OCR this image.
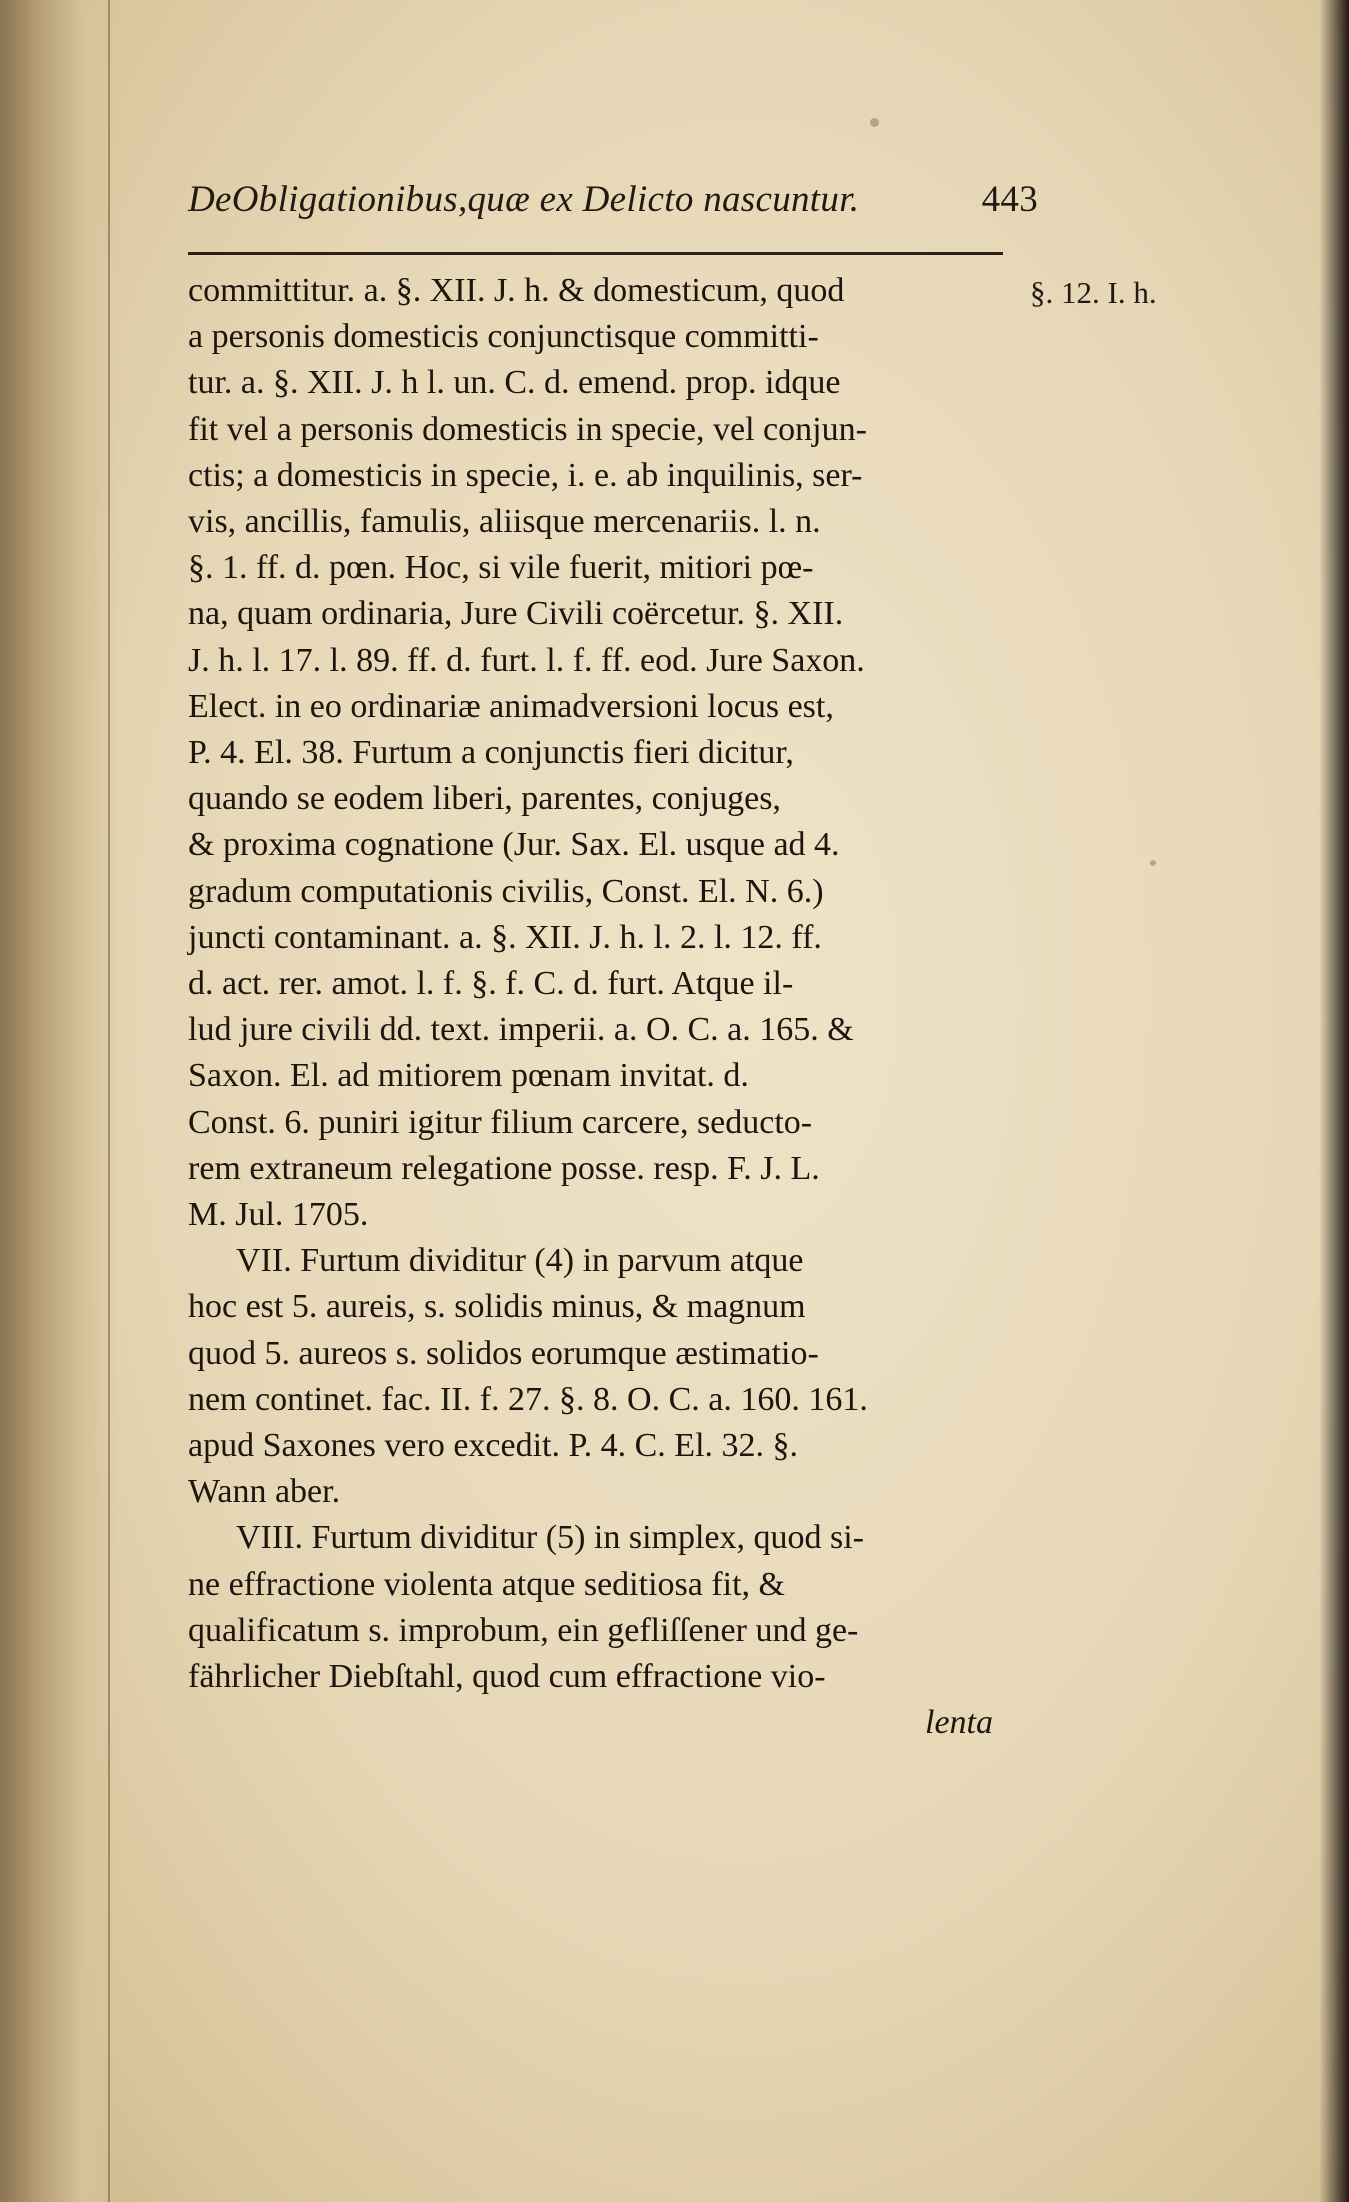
DeObligationibus,quæ ex Delicto nascuntur.	443
§. 12. I. h.
committitur. a. §. XII. J. h. & domesticum, quod
a personis domesticis conjunctisque committi-
tur. a. §. XII. J. h l. un. C. d. emend. prop. idque
fit vel a personis domesticis in specie, vel conjun-
ctis; a domesticis in specie, i. e. ab inquilinis, ser-
vis, ancillis, famulis, aliisque mercenariis. l. n.
§. 1. ff. d. pœn. Hoc, si vile fuerit, mitiori pœ-
na, quam ordinaria, Jure Civili coërcetur. §. XII.
J. h. l. 17. l. 89. ff. d. furt. l. f. ff. eod. Jure Saxon.
Elect. in eo ordinariæ animadversioni locus est,
P. 4. El. 38. Furtum a conjunctis fieri dicitur,
quando se eodem liberi, parentes, conjuges,
& proxima cognatione (Jur. Sax. El. usque ad 4.
gradum computationis civilis, Const. El. N. 6.)
juncti contaminant. a. §. XII. J. h. l. 2. l. 12. ff.
d. act. rer. amot. l. f. §. f. C. d. furt. Atque il-
lud jure civili dd. text. imperii. a. O. C. a. 165. &
Saxon. El. ad mitiorem pœnam invitat. d.
Const. 6. puniri igitur filium carcere, seducto-
rem extraneum relegatione posse. resp. F. J. L.
M. Jul. 1705.
VII. Furtum dividitur (4) in parvum atque
hoc est 5. aureis, s. solidis minus, & magnum
quod 5. aureos s. solidos eorumque æstimatio-
nem continet. fac. II. f. 27. §. 8. O. C. a. 160. 161.
apud Saxones vero excedit. P. 4. C. El. 32. §.
Wann aber.
VIII. Furtum dividitur (5) in simplex, quod si-
ne effractione violenta atque seditiosa fit, &
qualificatum s. improbum, ein gefliſſener und ge-
fährlicher Diebſtahl, quod cum effractione vio-
lenta
